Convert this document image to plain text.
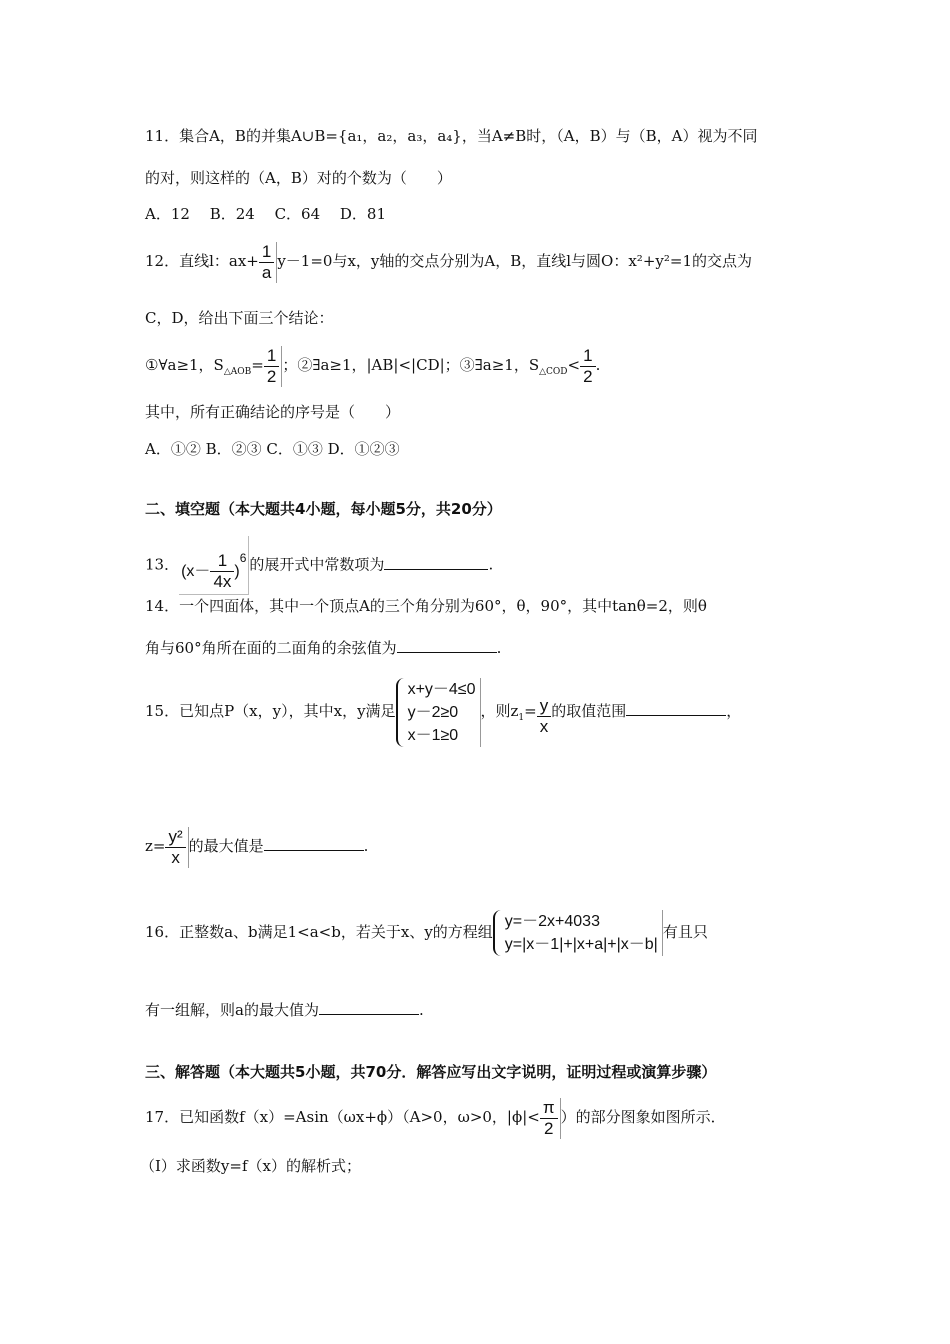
11．集合A，B的并集A∪B={a₁，a₂，a₃，a₄}，当A≠B时，（A，B）与（B，A）视为不同
的对，则这样的（A，B）对的个数为（　　）
A．12　 B．24　 C．64　 D．81
12．直线l：$ax+ \frac{1}{a} y-1=0$与x，y轴的交点分别为A，B，直线l与圆O：x²+y²=1的交点为
C，D，给出下面三个结论：
①∀a≥1，$S_{\triangle AOB}= \frac{1}{2}$ ；②∃a≥1，|AB|<|CD|；③∃a≥1，$S_{\triangle COD}< \frac{1}{2}$ .
其中，所有正确结论的序号是（　　）
A．①② B．②③ C．①③ D．①②③
二、填空题（本大题共4小题，每小题5分，共20分）
13． $(x- \frac{1}{4x} )^6$ 的展开式中常数项为	.
14．一个四面体，其中一个顶点A的三个角分别为60°，θ，90°，其中tanθ=2，则θ
角与60°角所在面的二面角的余弦值为	.
15．已知点P（x，y），其中x，y满足
x+y－4≤0
y－2≥0
x－1≥0
，则$z_1= \frac{y}{x}$ 的取值范围	，
$z= \frac{\text{y²}}{x}$ 的最大值是	.
16．正整数a、b满足1<a<b，若关于x、y的方程组
y=－2x+4033
y=|x－1|+|x+a|+|x－b|
有且只
有一组解，则a的最大值为	.
三、解答题（本大题共5小题，共70分．解答应写出文字说明，证明过程或演算步骤）
17．已知函数f（x）=Asin（ωx+ϕ）（A>0，ω>0，$|\phi|< \frac{\pi}{2}$ ）的部分图象如图所示．
（Ⅰ）求函数y=f（x）的解析式；
